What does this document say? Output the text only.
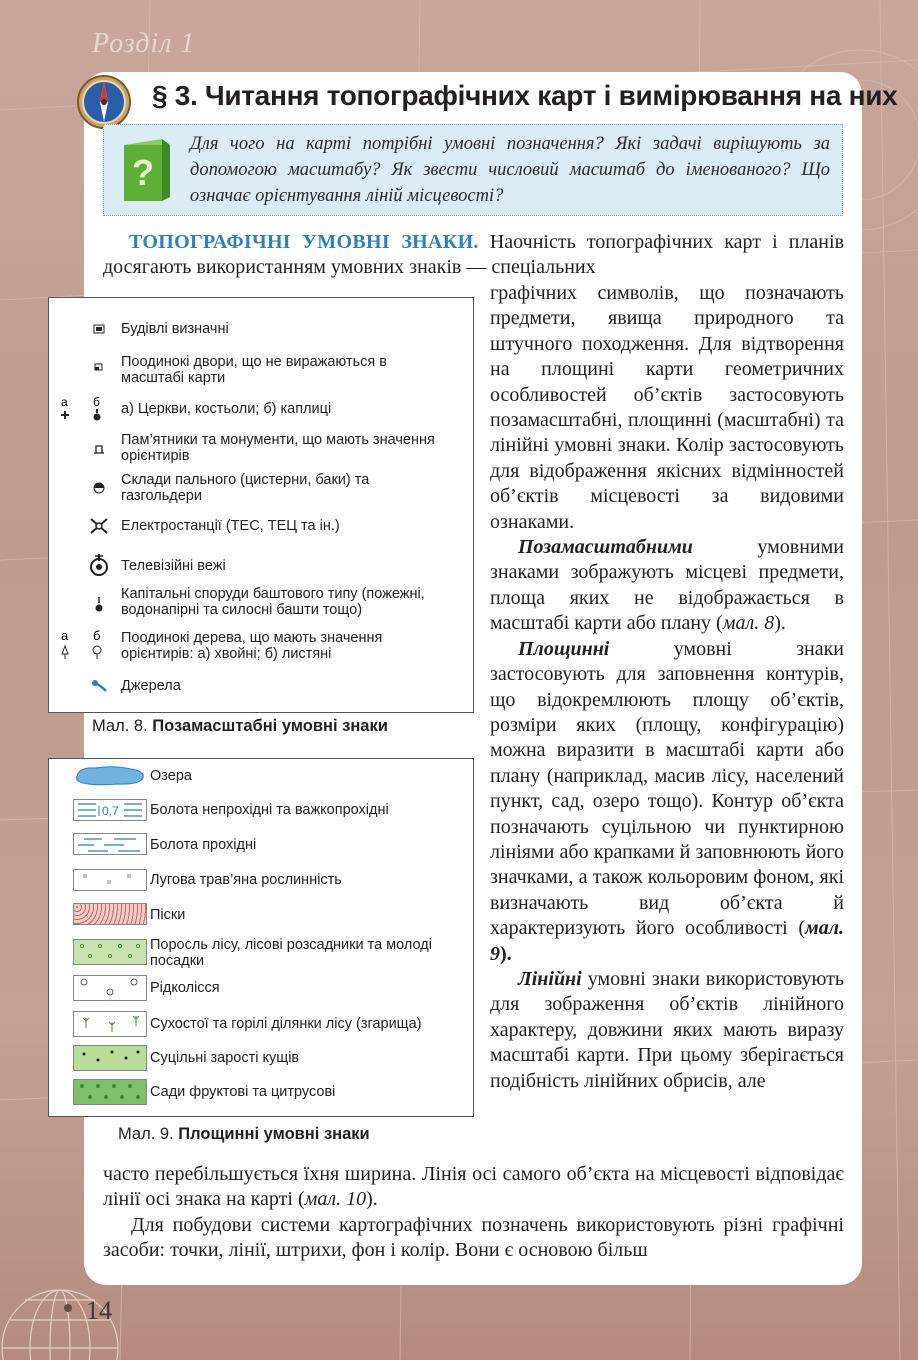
Розділ 1
§ 3. Читання топографічних карт і вимірювання на них
?
Для чого на карті потрібні умовні позначення? Які задачі вирішують за допомогою масштабу? Як звести числовий масштаб до іменованого? Що означає орієнтування ліній місцевості?
ТОПОГРАФІЧНІ УМОВНІ ЗНАКИ. Наочність топографічних карт і планів досягають використанням умовних знаків — спеціальних
графічних символів, що позначають предмети, явища природного та штучного походження. Для відтворення на площині карти геометричних особливостей об’єктів застосовують позамасштабні, площинні (масштабні) та лінійні умовні знаки. Колір застосовують для відображення якісних відмінностей об’єктів місцевості за видовими ознаками.
Позамасштабними	умовними знаками зображують місцеві предмети, площа яких не відображається в масштабі карти або плану (мал. 8).
Площинні	умовні знаки застосовують для заповнення контурів, що відокремлюють площу об’єктів, розміри яких (площу, конфігурацію) можна виразити в масштабі карти або плану (наприклад, масив лісу, населений пункт, сад, озеро тощо). Контур об’єкта позначають суцільною чи пунктирною лініями або крапками й заповнюють його значками, а також кольоровим фоном, які визначають вид об’єкта й характеризують його особливості (мал. 9).
Лінійні умовні знаки використовують для зображення об’єктів лінійного характеру, довжини яких мають виразу масштабі карти. При цьому зберігається подібність лінійних обрисів, але
Будівлі визначні
Поодинокі двори, що не виражаються в масштабі карти
а б а) Церкви, костьоли; б) каплиці
Пам’ятники та монументи, що мають значення орієнтирів
Склади пального (цистерни, баки) та газгольдери
Електростанції (ТЕС, ТЕЦ та ін.)
Телевізійні вежі
Капітальні споруди баштового типу (пожежні, водонапірні та силосні башти тощо)
а б Поодинокі дерева, що мають значення орієнтирів: а) хвойні; б) листяні
Джерела
Мал. 8. Позамасштабні умовні знаки
Озера
0,7 Болота непрохідні та важкопрохідні
Болота прохідні
Лугова трав’яна рослинність
Піски
Поросль лісу, лісові розсадники та молоді посадки
Рідколісся
Сухостої та горілі ділянки лісу (згарища)
Суцільні зарості кущів
Сади фруктові та цитрусові
Мал. 9. Площинні умовні знаки
часто перебільшується їхня ширина. Лінія осі самого об’єкта на місцевості відповідає лінії осі знака на карті (мал. 10).
Для побудови системи картографічних позначень використовують різні графічні засоби: точки, лінії, штрихи, фон і колір. Вони є основою більш
14
